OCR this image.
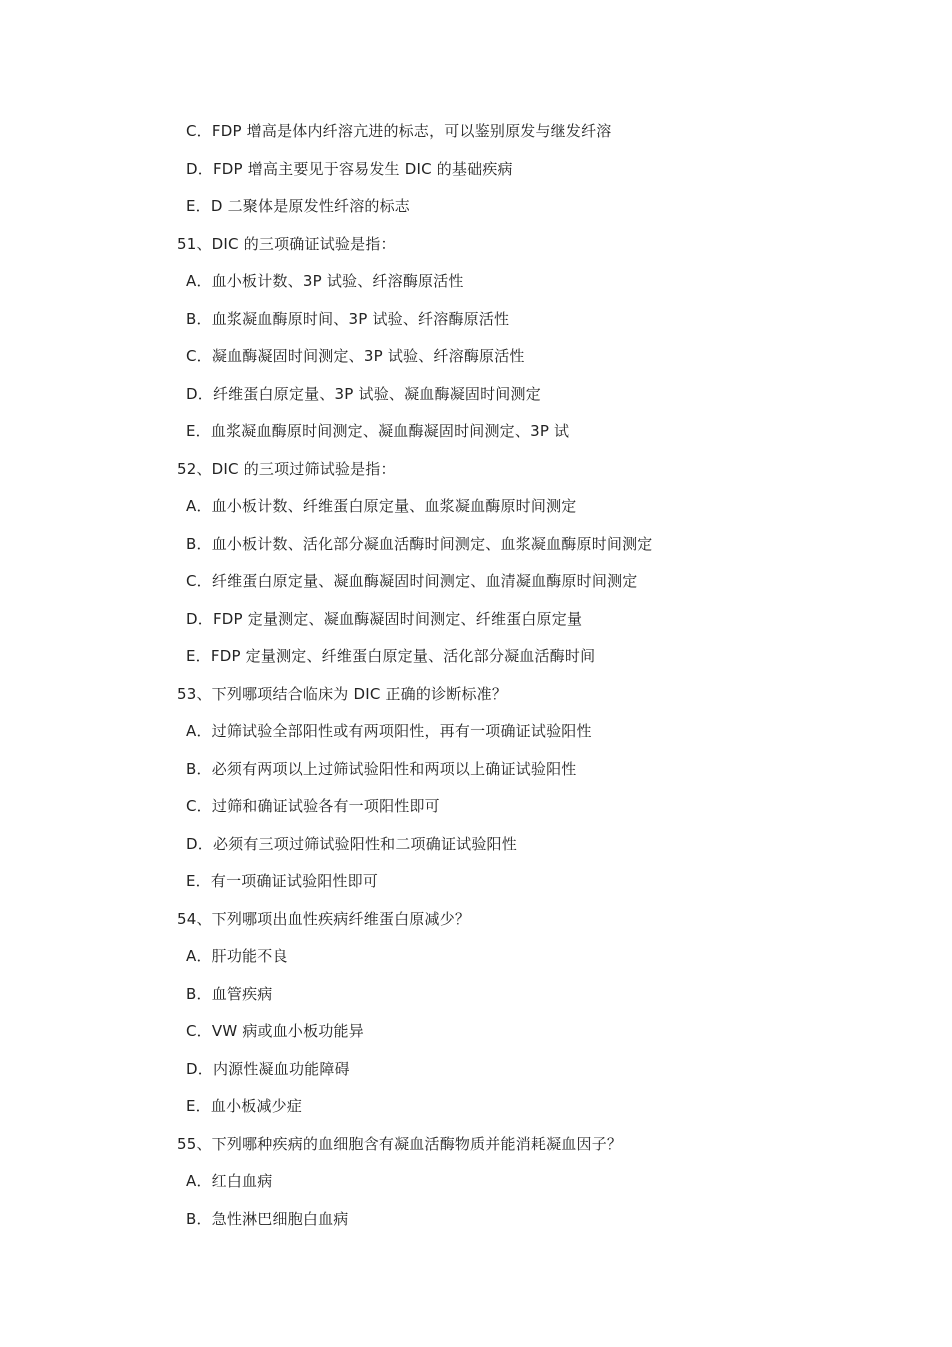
C．FDP 增高是体内纤溶亢进的标志，可以鉴别原发与继发纤溶
D．FDP 增高主要见于容易发生 DIC 的基础疾病
E．D 二聚体是原发性纤溶的标志
51、DIC 的三项确证试验是指：
A．血小板计数、3P 试验、纤溶酶原活性
B．血浆凝血酶原时间、3P 试验、纤溶酶原活性
C．凝血酶凝固时间测定、3P 试验、纤溶酶原活性
D．纤维蛋白原定量、3P 试验、凝血酶凝固时间测定
E．血浆凝血酶原时间测定、凝血酶凝固时间测定、3P 试
52、DIC 的三项过筛试验是指：
A．血小板计数、纤维蛋白原定量、血浆凝血酶原时间测定
B．血小板计数、活化部分凝血活酶时间测定、血浆凝血酶原时间测定
C．纤维蛋白原定量、凝血酶凝固时间测定、血清凝血酶原时间测定
D．FDP 定量测定、凝血酶凝固时间测定、纤维蛋白原定量
E．FDP 定量测定、纤维蛋白原定量、活化部分凝血活酶时间
53、下列哪项结合临床为 DIC 正确的诊断标准？
A．过筛试验全部阳性或有两项阳性，再有一项确证试验阳性
B．必须有两项以上过筛试验阳性和两项以上确证试验阳性
C．过筛和确证试验各有一项阳性即可
D．必须有三项过筛试验阳性和二项确证试验阳性
E．有一项确证试验阳性即可
54、下列哪项出血性疾病纤维蛋白原减少？
A．肝功能不良
B．血管疾病
C．VW 病或血小板功能异
D．内源性凝血功能障碍
E．血小板减少症
55、下列哪种疾病的血细胞含有凝血活酶物质并能消耗凝血因子？
A．红白血病
B．急性淋巴细胞白血病
